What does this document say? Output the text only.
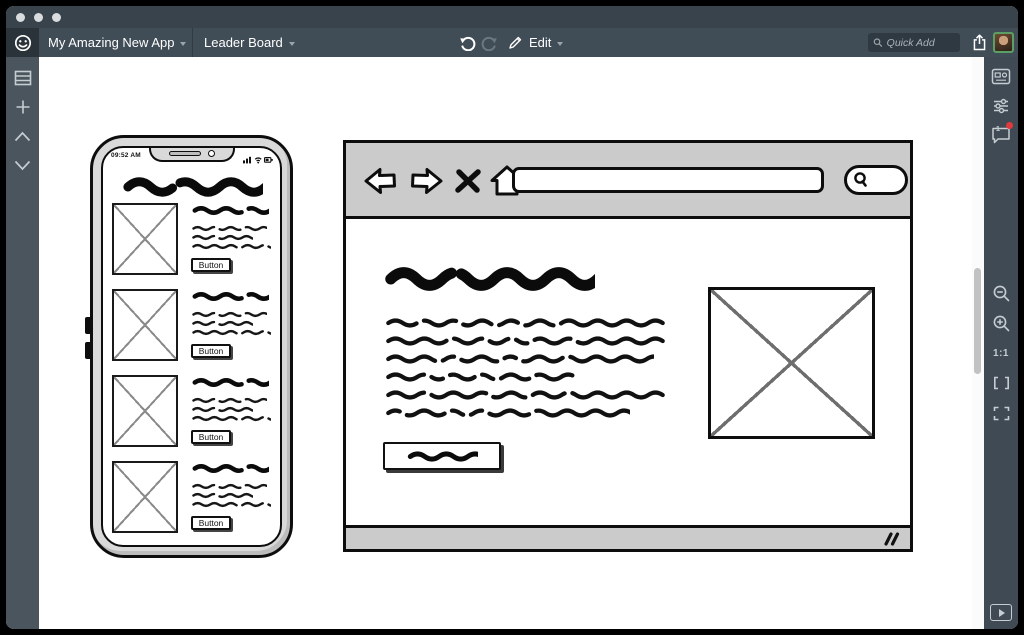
My Amazing New App Leader Board	Edit
Quick Add
1
1:1
09:52 AM
Button
Button
Button
Button
